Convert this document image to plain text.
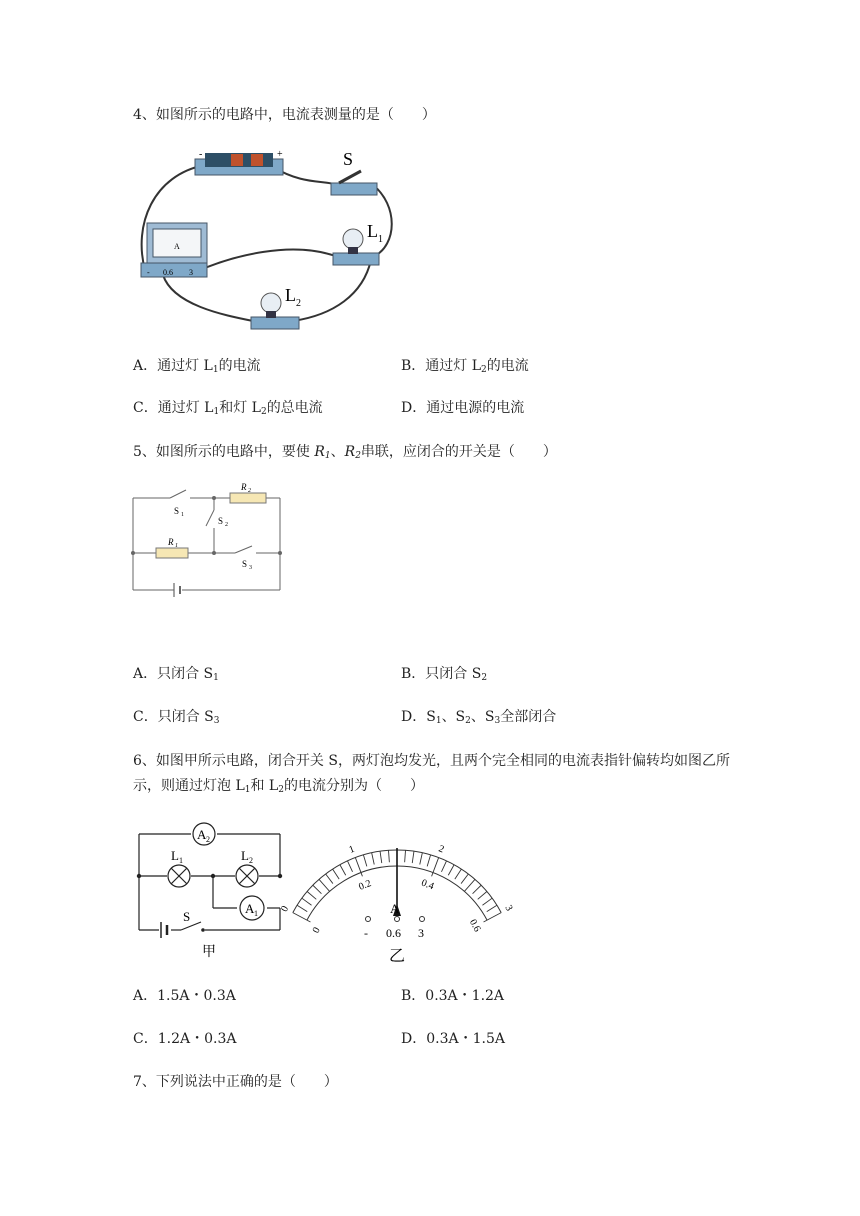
4、如图所示的电路中，电流表测量的是（　　）
-	+	S
L 1
L 2
A
- 0.6 3
A．通过灯 $L_1$的电流	B．通过灯 $L_2$的电流
C．通过灯 $L_1$和灯 $L_2$的总电流	D．通过电源的电流
5、如图所示的电路中，要使 $R_1$、$R_2$串联，应闭合的开关是（　　）
R 2
R 1
S 1
S 2
S 3
A．只闭合 $S_1$	B．只闭合 $S_2$
C．只闭合 $S_3$	D．$S_1$、$S_2$、$S_3$全部闭合
6、如图甲所示电路，闭合开关 S，两灯泡均发光，且两个完全相同的电流表指针偏转均如图乙所
示，则通过灯泡 $L_1$和 $L_2$的电流分别为（　　）
A 2
A 1
L 1	L 2
S
甲
0
1	2
3
0
0.2	0.4
0.6
A
- 0.6 3
乙
A．1.5A・0.3A	B．0.3A・1.2A
C．1.2A・0.3A	D．0.3A・1.5A
7、下列说法中正确的是（　　）
